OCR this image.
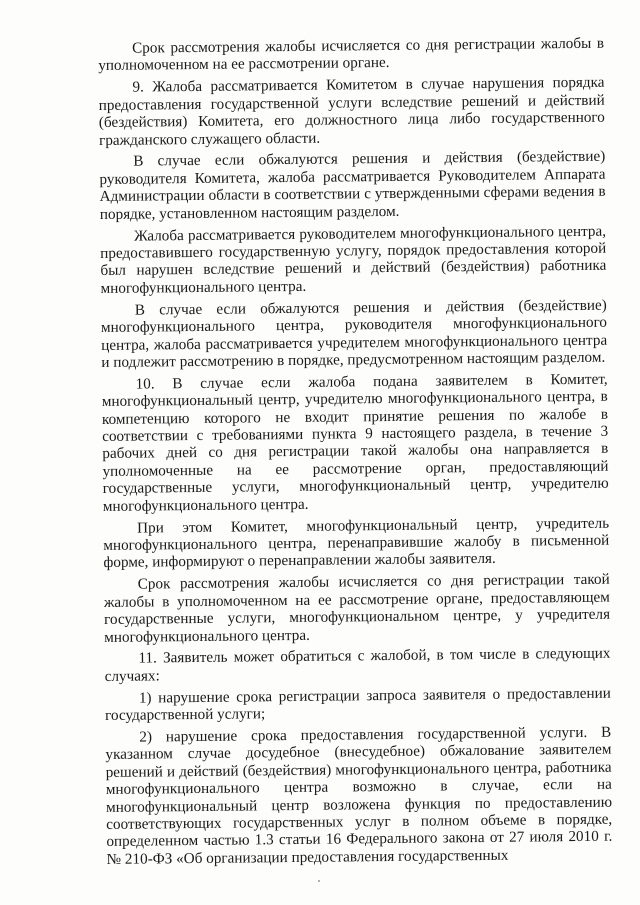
Срок рассмотрения жалобы исчисляется со дня регистрации жалобы в уполномоченном на ее рассмотрении органе.

9. Жалоба рассматривается Комитетом в случае нарушения порядка предоставления государственной услуги вследствие решений и действий (бездействия) Комитета, его должностного лица либо государственного гражданского служащего области.

В случае если обжалуются решения и действия (бездействие) руководителя Комитета, жалоба рассматривается Руководителем Аппарата Администрации области в соответствии с утвержденными сферами ведения в порядке, установленном настоящим разделом.

Жалоба рассматривается руководителем многофункционального центра, предоставившего государственную услугу, порядок предоставления которой был нарушен вследствие решений и действий (бездействия) работника многофункционального центра.

В случае если обжалуются решения и действия (бездействие) многофункционального центра, руководителя многофункционального центра, жалоба рассматривается учредителем многофункционального центра и подлежит рассмотрению в порядке, предусмотренном настоящим разделом.

10. В случае если жалоба подана заявителем в Комитет, многофункциональный центр, учредителю многофункционального центра, в компетенцию которого не входит принятие решения по жалобе в соответствии с требованиями пункта 9 настоящего раздела, в течение 3 рабочих дней со дня регистрации такой жалобы она направляется в уполномоченные на ее рассмотрение орган, предоставляющий государственные услуги, многофункциональный центр, учредителю многофункционального центра.

При этом Комитет, многофункциональный центр, учредитель многофункционального центра, перенаправившие жалобу в письменной форме, информируют о перенаправлении жалобы заявителя.

Срок рассмотрения жалобы исчисляется со дня регистрации такой жалобы в уполномоченном на ее рассмотрение органе, предоставляющем государственные услуги, многофункциональном центре, у учредителя многофункционального центра.

11. Заявитель может обратиться с жалобой, в том числе в следующих случаях:

1) нарушение срока регистрации запроса заявителя о предоставлении государственной услуги;

2) нарушение срока предоставления государственной услуги. В указанном случае досудебное (внесудебное) обжалование заявителем решений и действий (бездействия) многофункционального центра, работника многофункционального центра возможно в случае, если на многофункциональный центр возложена функция по предоставлению соответствующих государственных услуг в полном объеме в порядке, определенном частью 1.3 статьи 16 Федерального закона от 27 июля 2010 г. № 210-ФЗ «Об организации предоставления государственных
